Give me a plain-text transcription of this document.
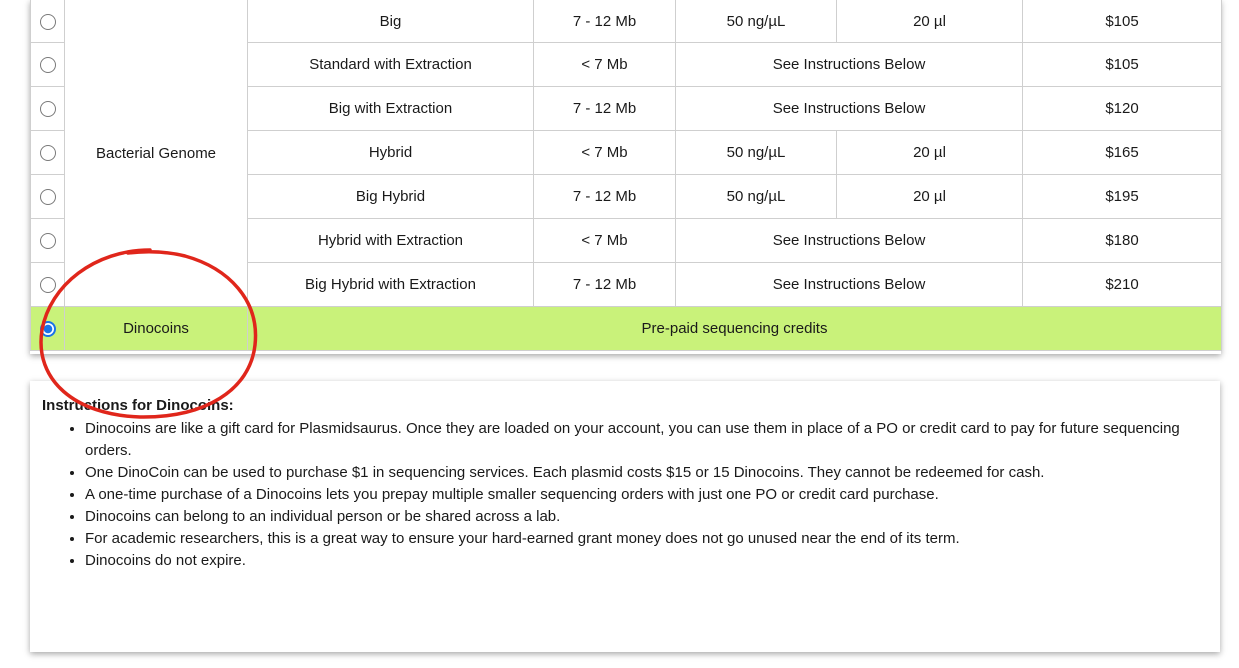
	Bacterial Genome	Big	7 - 12 Mb	50 ng/µL	20 µl	$105
		Standard with Extraction	< 7 Mb	See Instructions Below		$105
		Big with Extraction	7 - 12 Mb	See Instructions Below		$120
		Hybrid	< 7 Mb	50 ng/µL	20 µl	$165
		Big Hybrid	7 - 12 Mb	50 ng/µL	20 µl	$195
		Hybrid with Extraction	< 7 Mb	See Instructions Below		$180
		Big Hybrid with Extraction	7 - 12 Mb	See Instructions Below		$210
	Dinocoins	Pre-paid sequencing credits				
Instructions for Dinocoins:
• Dinocoins are like a gift card for Plasmidsaurus. Once they are loaded on your account, you can use them in place of a PO or credit card to pay for future sequencing orders.
• One DinoCoin can be used to purchase $1 in sequencing services. Each plasmid costs $15 or 15 Dinocoins. They cannot be redeemed for cash.
• A one-time purchase of a Dinocoins lets you prepay multiple smaller sequencing orders with just one PO or credit card purchase.
• Dinocoins can belong to an individual person or be shared across a lab.
• For academic researchers, this is a great way to ensure your hard-earned grant money does not go unused near the end of its term.
• Dinocoins do not expire.
